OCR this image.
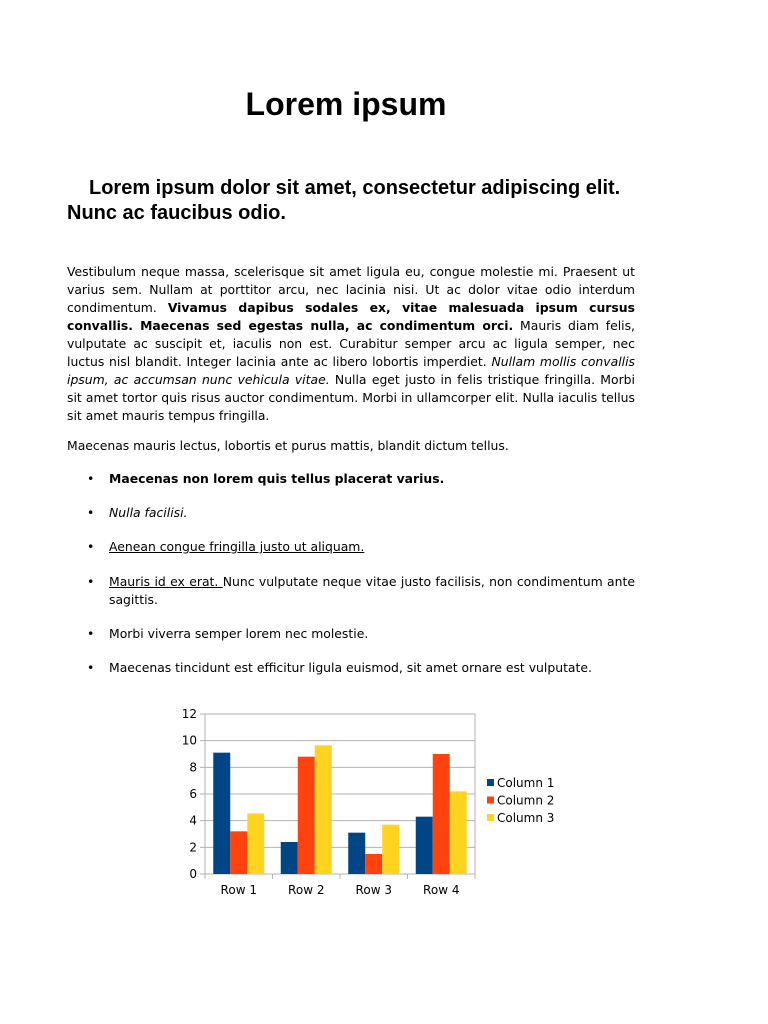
Lorem ipsum

Lorem ipsum dolor sit amet, consectetur adipiscing elit. Nunc ac faucibus odio.

Vestibulum neque massa, scelerisque sit amet ligula eu, congue molestie mi. Praesent ut varius sem. Nullam at porttitor arcu, nec lacinia nisi. Ut ac dolor vitae odio interdum condimentum. Vivamus dapibus sodales ex, vitae malesuada ipsum cursus convallis. Maecenas sed egestas nulla, ac condimentum orci. Mauris diam felis, vulputate ac suscipit et, iaculis non est. Curabitur semper arcu ac ligula semper, nec luctus nisl blandit. Integer lacinia ante ac libero lobortis imperdiet. Nullam mollis convallis ipsum, ac accumsan nunc vehicula vitae. Nulla eget justo in felis tristique fringilla. Morbi sit amet tortor quis risus auctor condimentum. Morbi in ullamcorper elit. Nulla iaculis tellus sit amet mauris tempus fringilla.

Maecenas mauris lectus, lobortis et purus mattis, blandit dictum tellus.

• Maecenas non lorem quis tellus placerat varius.
• Nulla facilisi.
• Aenean congue fringilla justo ut aliquam.
• Mauris id ex erat. Nunc vulputate neque vitae justo facilisis, non condimentum ante sagittis.
• Morbi viverra semper lorem nec molestie.
• Maecenas tincidunt est efficitur ligula euismod, sit amet ornare est vulputate.
0
2
4
6
8
10
12
Row 1	Row 2	Row 3	Row 4
Column 1
Column 2
Column 3
